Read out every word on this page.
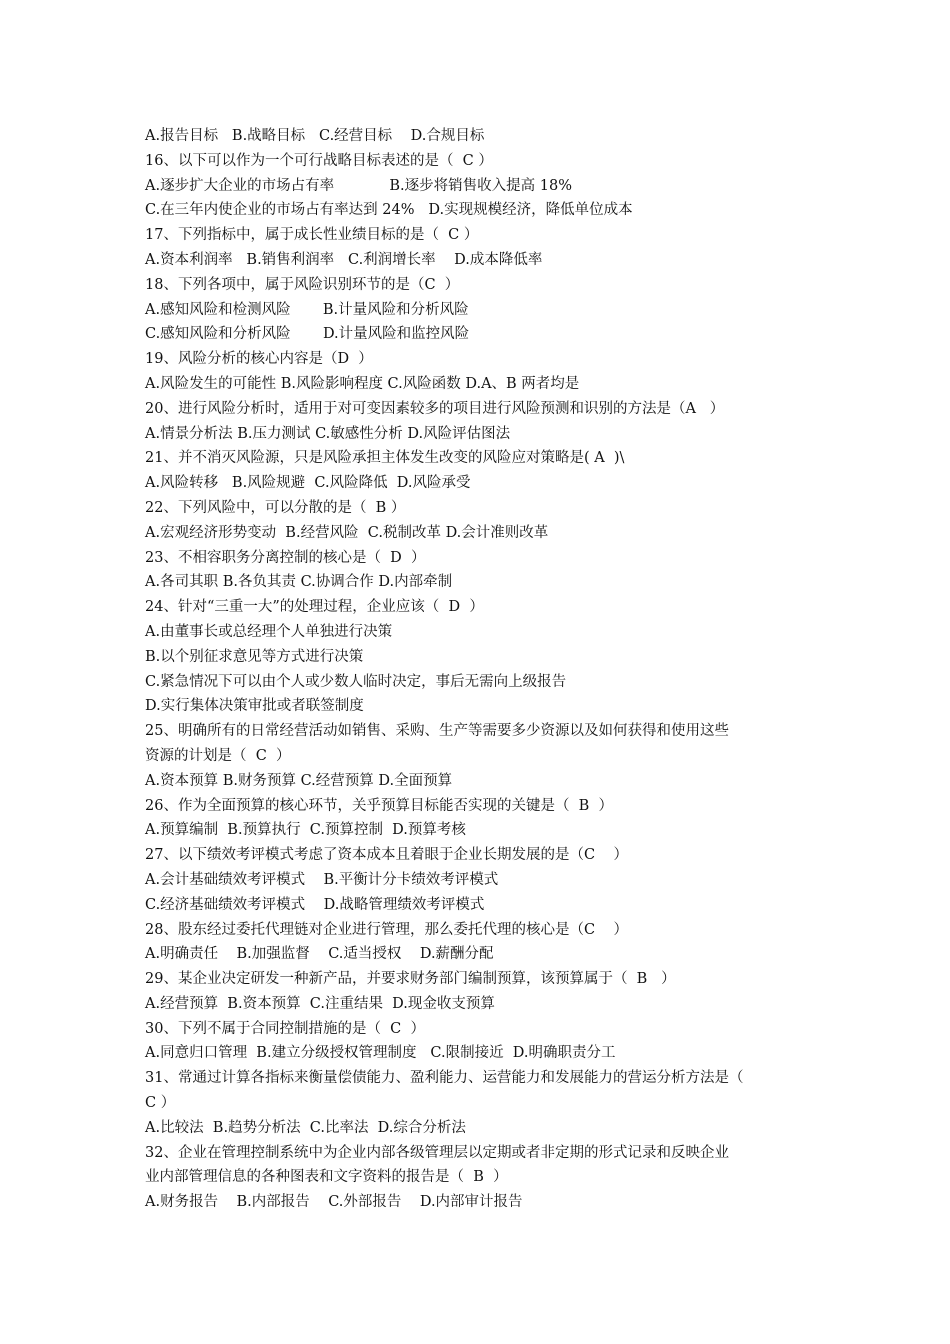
A.报告目标   B.战略目标   C.经营目标    D.合规目标
16、以下可以作为一个可行战略目标表述的是（  C ）
A.逐步扩大企业的市场占有率            B.逐步将销售收入提高 18%
C.在三年内使企业的市场占有率达到 24%   D.实现规模经济，降低单位成本
17、下列指标中，属于成长性业绩目标的是（  C ）
A.资本利润率   B.销售利润率   C.利润增长率    D.成本降低率
18、下列各项中，属于风险识别环节的是（C  ）
A.感知风险和检测风险       B.计量风险和分析风险
C.感知风险和分析风险       D.计量风险和监控风险
19、风险分析的核心内容是（D  ）
A.风险发生的可能性 B.风险影响程度 C.风险函数 D.A、B 两者均是
20、进行风险分析时，适用于对可变因素较多的项目进行风险预测和识别的方法是（A   ）
A.情景分析法 B.压力测试 C.敏感性分析 D.风险评估图法
21、并不消灭风险源，只是风险承担主体发生改变的风险应对策略是( A  )\
A.风险转移   B.风险规避  C.风险降低  D.风险承受
22、下列风险中，可以分散的是（  B ）
A.宏观经济形势变动  B.经营风险  C.税制改革 D.会计准则改革
23、不相容职务分离控制的核心是（  D  ）
A.各司其职 B.各负其责 C.协调合作 D.内部牵制
24、针对“三重一大”的处理过程，企业应该（  D  ）
A.由董事长或总经理个人单独进行决策
B.以个别征求意见等方式进行决策
C.紧急情况下可以由个人或少数人临时决定，事后无需向上级报告
D.实行集体决策审批或者联签制度
25、明确所有的日常经营活动如销售、采购、生产等需要多少资源以及如何获得和使用这些
资源的计划是（  C  ）
A.资本预算 B.财务预算 C.经营预算 D.全面预算
26、作为全面预算的核心环节，关乎预算目标能否实现的关键是（  B  ）
A.预算编制  B.预算执行  C.预算控制  D.预算考核
27、以下绩效考评模式考虑了资本成本且着眼于企业长期发展的是（C    ）
A.会计基础绩效考评模式    B.平衡计分卡绩效考评模式
C.经济基础绩效考评模式    D.战略管理绩效考评模式
28、股东经过委托代理链对企业进行管理，那么委托代理的核心是（C    ）
A.明确责任    B.加强监督    C.适当授权    D.薪酬分配
29、某企业决定研发一种新产品，并要求财务部门编制预算，该预算属于（  B   ）
A.经营预算  B.资本预算  C.注重结果  D.现金收支预算
30、下列不属于合同控制措施的是（  C  ）
A.同意归口管理  B.建立分级授权管理制度   C.限制接近  D.明确职责分工
31、常通过计算各指标来衡量偿债能力、盈利能力、运营能力和发展能力的营运分析方法是（
C ）
A.比较法  B.趋势分析法  C.比率法  D.综合分析法
32、企业在管理控制系统中为企业内部各级管理层以定期或者非定期的形式记录和反映企业
业内部管理信息的各种图表和文字资料的报告是（  B  ）
A.财务报告    B.内部报告    C.外部报告    D.内部审计报告
